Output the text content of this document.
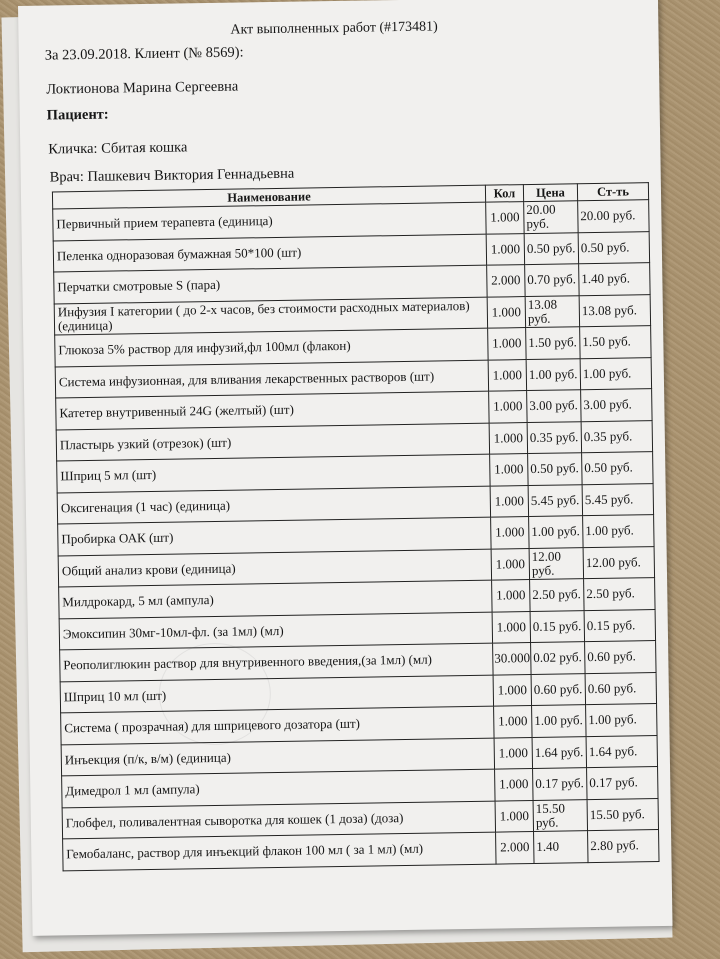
Акт выполненных работ (#173481)
За 23.09.2018. Клиент (№ 8569):
Локтионова Марина Сергеевна
Пациент:
Кличка: Сбитая кошка
Врач: Пашкевич Виктория Геннадьевна
Наименование	Кол	Цена	Ст-ть
Первичный прием терапевта (единица)	1.000	20.00 руб.	20.00 руб.
Пеленка одноразовая бумажная 50*100 (шт)	1.000	0.50 руб.	0.50 руб.
Перчатки смотровые S (пара)	2.000	0.70 руб.	1.40 руб.
Инфузия I категории ( до 2-х часов, без стоимости расходных материалов) (единица)	1.000	13.08 руб.	13.08 руб.
Глюкоза 5% раствор для инфузий,фл 100мл (флакон)	1.000	1.50 руб.	1.50 руб.
Система инфузионная, для вливания лекарственных растворов (шт)	1.000	1.00 руб.	1.00 руб.
Катетер внутривенный 24G (желтый) (шт)	1.000	3.00 руб.	3.00 руб.
Пластырь узкий (отрезок) (шт)	1.000	0.35 руб.	0.35 руб.
Шприц 5 мл (шт)	1.000	0.50 руб.	0.50 руб.
Оксигенация (1 час) (единица)	1.000	5.45 руб.	5.45 руб.
Пробирка ОАК (шт)	1.000	1.00 руб.	1.00 руб.
Общий анализ крови (единица)	1.000	12.00 руб.	12.00 руб.
Милдрокард, 5 мл (ампула)	1.000	2.50 руб.	2.50 руб.
Эмоксипин 30мг-10мл-фл. (за 1мл) (мл)	1.000	0.15 руб.	0.15 руб.
Реополиглюкин раствор для внутривенного введения,(за 1мл) (мл)	30.000	0.02 руб.	0.60 руб.
Шприц 10 мл (шт)	1.000	0.60 руб.	0.60 руб.
Система ( прозрачная) для шприцевого дозатора (шт)	1.000	1.00 руб.	1.00 руб.
Инъекция (п/к, в/м) (единица)	1.000	1.64 руб.	1.64 руб.
Димедрол 1 мл (ампула)	1.000	0.17 руб.	0.17 руб.
Глобфел, поливалентная сыворотка для кошек (1 доза) (доза)	1.000	15.50 руб.	15.50 руб.
Гемобаланс, раствор для инъекций флакон 100 мл ( за 1 мл) (мл)	2.000	1.40	2.80 руб.
